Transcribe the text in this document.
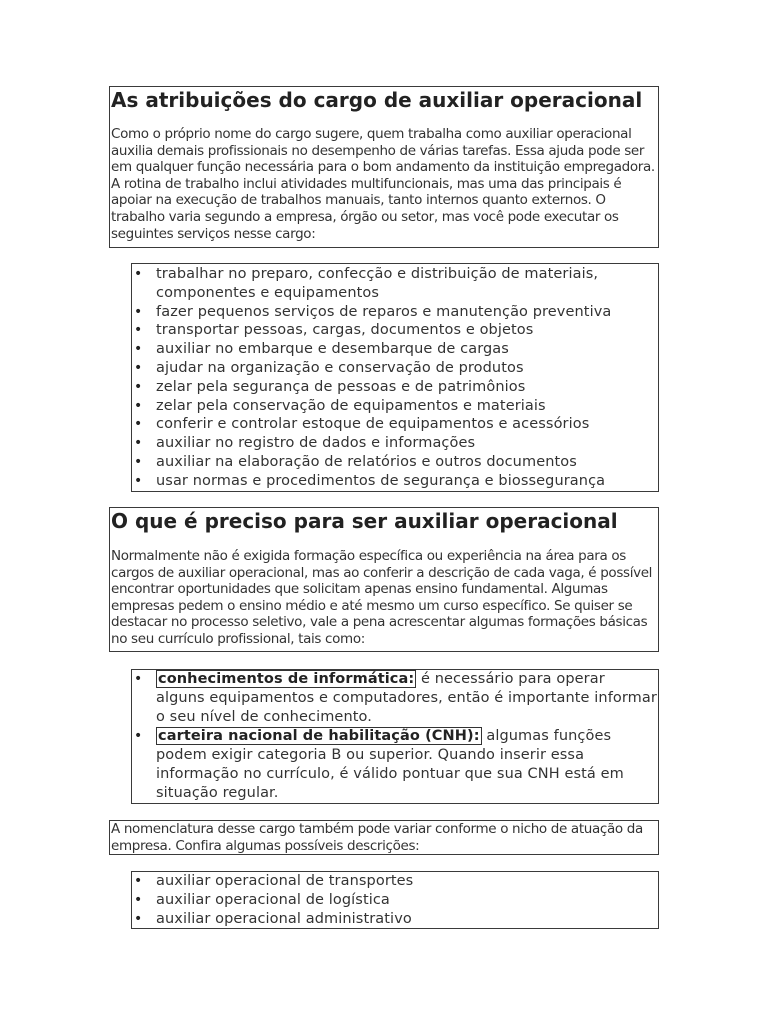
As atribuições do cargo de auxiliar operacional

Como o próprio nome do cargo sugere, quem trabalha como auxiliar operacional auxilia demais profissionais no desempenho de várias tarefas. Essa ajuda pode ser em qualquer função necessária para o bom andamento da instituição empregadora. A rotina de trabalho inclui atividades multifuncionais, mas uma das principais é apoiar na execução de trabalhos manuais, tanto internos quanto externos. O trabalho varia segundo a empresa, órgão ou setor, mas você pode executar os seguintes serviços nesse cargo:

• trabalhar no preparo, confecção e distribuição de materiais, componentes e equipamentos
• fazer pequenos serviços de reparos e manutenção preventiva
• transportar pessoas, cargas, documentos e objetos
• auxiliar no embarque e desembarque de cargas
• ajudar na organização e conservação de produtos
• zelar pela segurança de pessoas e de patrimônios
• zelar pela conservação de equipamentos e materiais
• conferir e controlar estoque de equipamentos e acessórios
• auxiliar no registro de dados e informações
• auxiliar na elaboração de relatórios e outros documentos
• usar normas e procedimentos de segurança e biossegurança
O que é preciso para ser auxiliar operacional

Normalmente não é exigida formação específica ou experiência na área para os cargos de auxiliar operacional, mas ao conferir a descrição de cada vaga, é possível encontrar oportunidades que solicitam apenas ensino fundamental. Algumas empresas pedem o ensino médio e até mesmo um curso específico. Se quiser se destacar no processo seletivo, vale a pena acrescentar algumas formações básicas no seu currículo profissional, tais como:

• conhecimentos de informática: é necessário para operar alguns equipamentos e computadores, então é importante informar o seu nível de conhecimento.
• carteira nacional de habilitação (CNH): algumas funções podem exigir categoria B ou superior. Quando inserir essa informação no currículo, é válido pontuar que sua CNH está em situação regular.

A nomenclatura desse cargo também pode variar conforme o nicho de atuação da empresa. Confira algumas possíveis descrições:

• auxiliar operacional de transportes
• auxiliar operacional de logística
• auxiliar operacional administrativo
